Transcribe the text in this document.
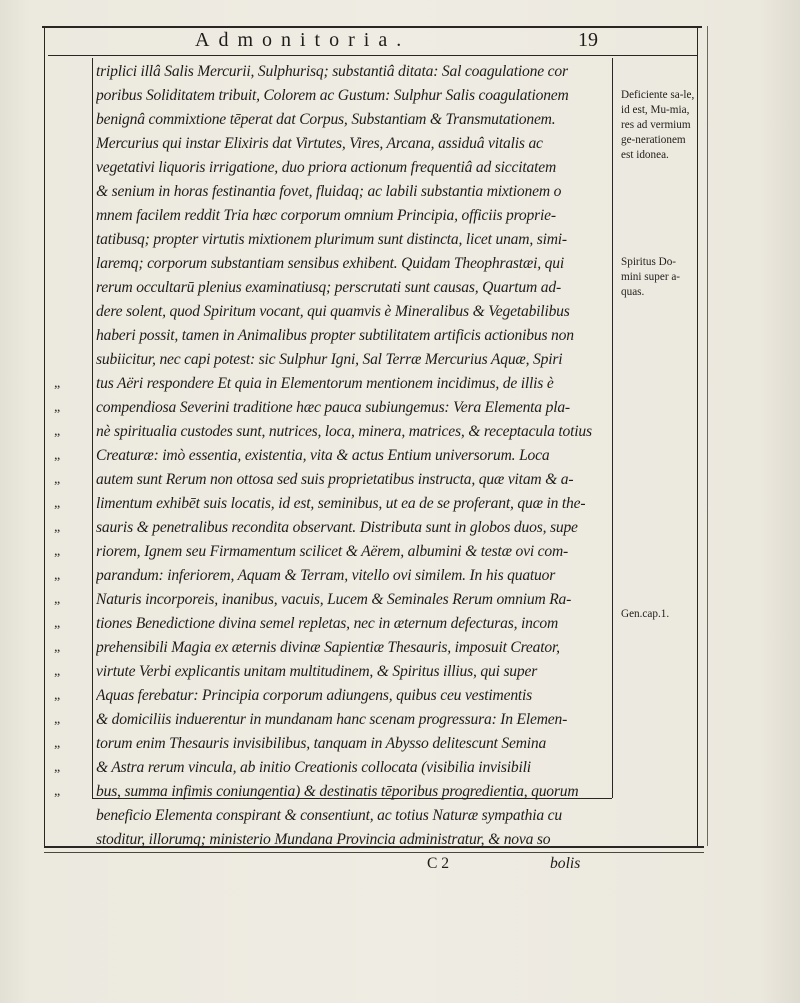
Admonitoria.	19
triplici illâ Salis Mercurii, Sulphurisq; substantiâ ditata: Sal coagulatione cor
poribus Soliditatem tribuit, Colorem ac Gustum: Sulphur Salis coagulationem
benignâ commixtione tēperat dat Corpus, Substantiam & Transmutationem.
Mercurius qui instar Elixiris dat Virtutes, Vires, Arcana, assiduâ vitalis ac
vegetativi liquoris irrigatione, duo priora actionum frequentiâ ad siccitatem
& senium in horas festinantia fovet, fluidaq; ac labili substantia mixtionem o
mnem facilem reddit Tria hæc corporum omnium Principia, officiis proprie-
tatibusq; propter virtutis mixtionem plurimum sunt distincta, licet unam, simi-
laremq; corporum substantiam sensibus exhibent. Quidam Theophrastæi, qui
rerum occultarū plenius examinatiusq; perscrutati sunt causas, Quartum ad-
dere solent, quod Spiritum vocant, qui quamvis è Mineralibus & Vegetabilibus
haberi possit, tamen in Animalibus propter subtilitatem artificis actionibus non
subiicitur, nec capi potest: sic Sulphur Igni, Sal Terræ Mercurius Aquæ, Spiri
tus Aëri respondere Et quia in Elementorum mentionem incidimus, de illis è
compendiosa Severini traditione hæc pauca subiungemus: Vera Elementa pla-
nè spiritualia custodes sunt, nutrices, loca, minera, matrices, & receptacula totius
Creaturæ: imò essentia, existentia, vita & actus Entium universorum. Loca
autem sunt Rerum non ottosa sed suis proprietatibus instructa, quæ vitam & a-
limentum exhibēt suis locatis, id est, seminibus, ut ea de se proferant, quæ in the-
sauris & penetralibus recondita observant. Distributa sunt in globos duos, supe
riorem, Ignem seu Firmamentum scilicet & Aërem, albumini & testæ ovi com-
parandum: inferiorem, Aquam & Terram, vitello ovi similem. In his quatuor
Naturis incorporeis, inanibus, vacuis, Lucem & Seminales Rerum omnium Ra-
tiones Benedictione divina semel repletas, nec in æternum defecturas, incom
prehensibili Magia ex æternis divinæ Sapientiæ Thesauris, imposuit Creator,
virtute Verbi explicantis unitam multitudinem, & Spiritus illius, qui super
Aquas ferebatur: Principia corporum adiungens, quibus ceu vestimentis
& domiciliis induerentur in mundanam hanc scenam progressura: In Elemen-
torum enim Thesauris invisibilibus, tanquam in Abysso delitescunt Semina
& Astra rerum vincula, ab initio Creationis collocata (visibilia invisibili
bus, summa infimis coniungentia) & destinatis tēporibus progredientia, quorum
beneficio Elementa conspirant & consentiunt, ac totius Naturæ sympathia cu
stoditur, illorumq; ministerio Mundana Provincia administratur, & nova so
C 2	bolis
„
„
„
„
„
„
„
„
„
„
„
„
„
„
„
„
„
„
Deficiente sa-le, id est, Mu-mia, res ad vermium ge-nerationem est idonea.
Spiritus Do-mini super a-quas.
Gen.cap.1.
